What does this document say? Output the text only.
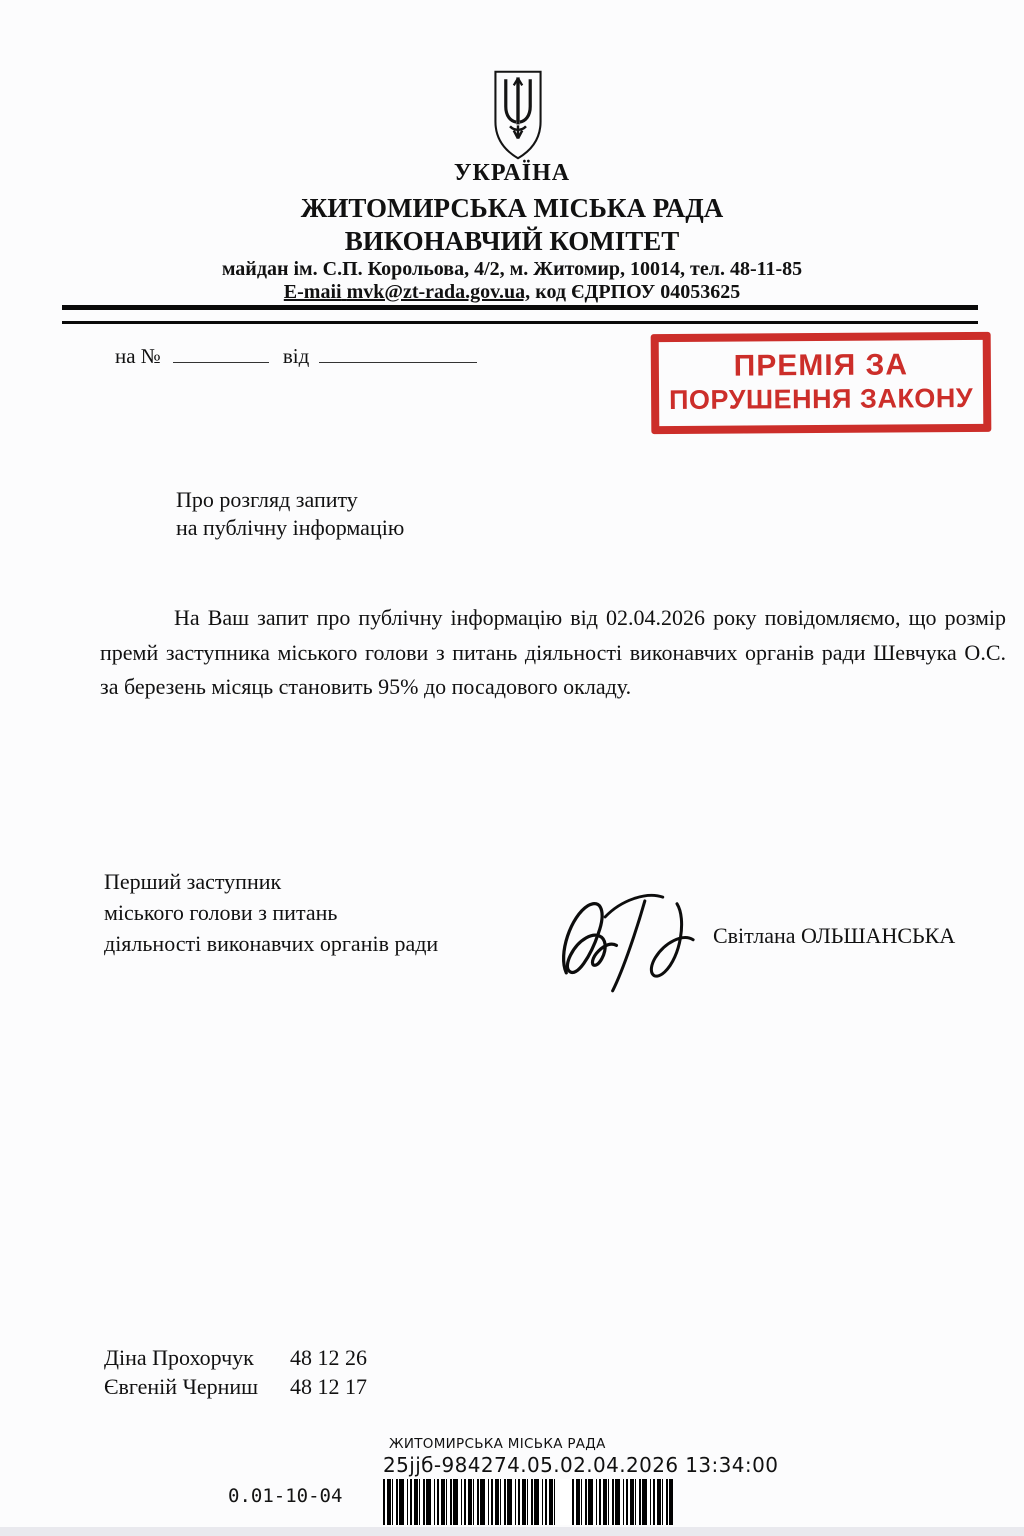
УКРАЇНА
ЖИТОМИРСЬКА МІСЬКА РАДА
ВИКОНАВЧИЙ КОМІТЕТ
майдан ім. С.П. Корольова, 4/2, м. Житомир, 10014, тел. 48-11-85
E-maii mvk@zt-rada.gov.ua, код ЄДРПОУ 04053625
на №	від	ПРЕМІЯ ЗА
ПОРУШЕННЯ ЗАКОНУ
Про розгляд запиту
на публічну інформацію
На Ваш запит про публічну інформацію від 02.04.2026 року повідомляємо, що розмір премй заступника міського голови з питань діяльності виконавчих органів ради Шевчука О.С. за березень місяць становить 95% до посадового окладу.
Перший заступник
міського голови з питань
діяльності виконавчих органів ради	Світлана ОЛЬШАНСЬКА
Діна Прохорчук	48 12 26
Євгеній Черниш	48 12 17
0.01-10-04
ЖИТОМИРСЬКА МІСЬКА РАДА
25jjб-984274.05.02.04.2026 13:34:00
